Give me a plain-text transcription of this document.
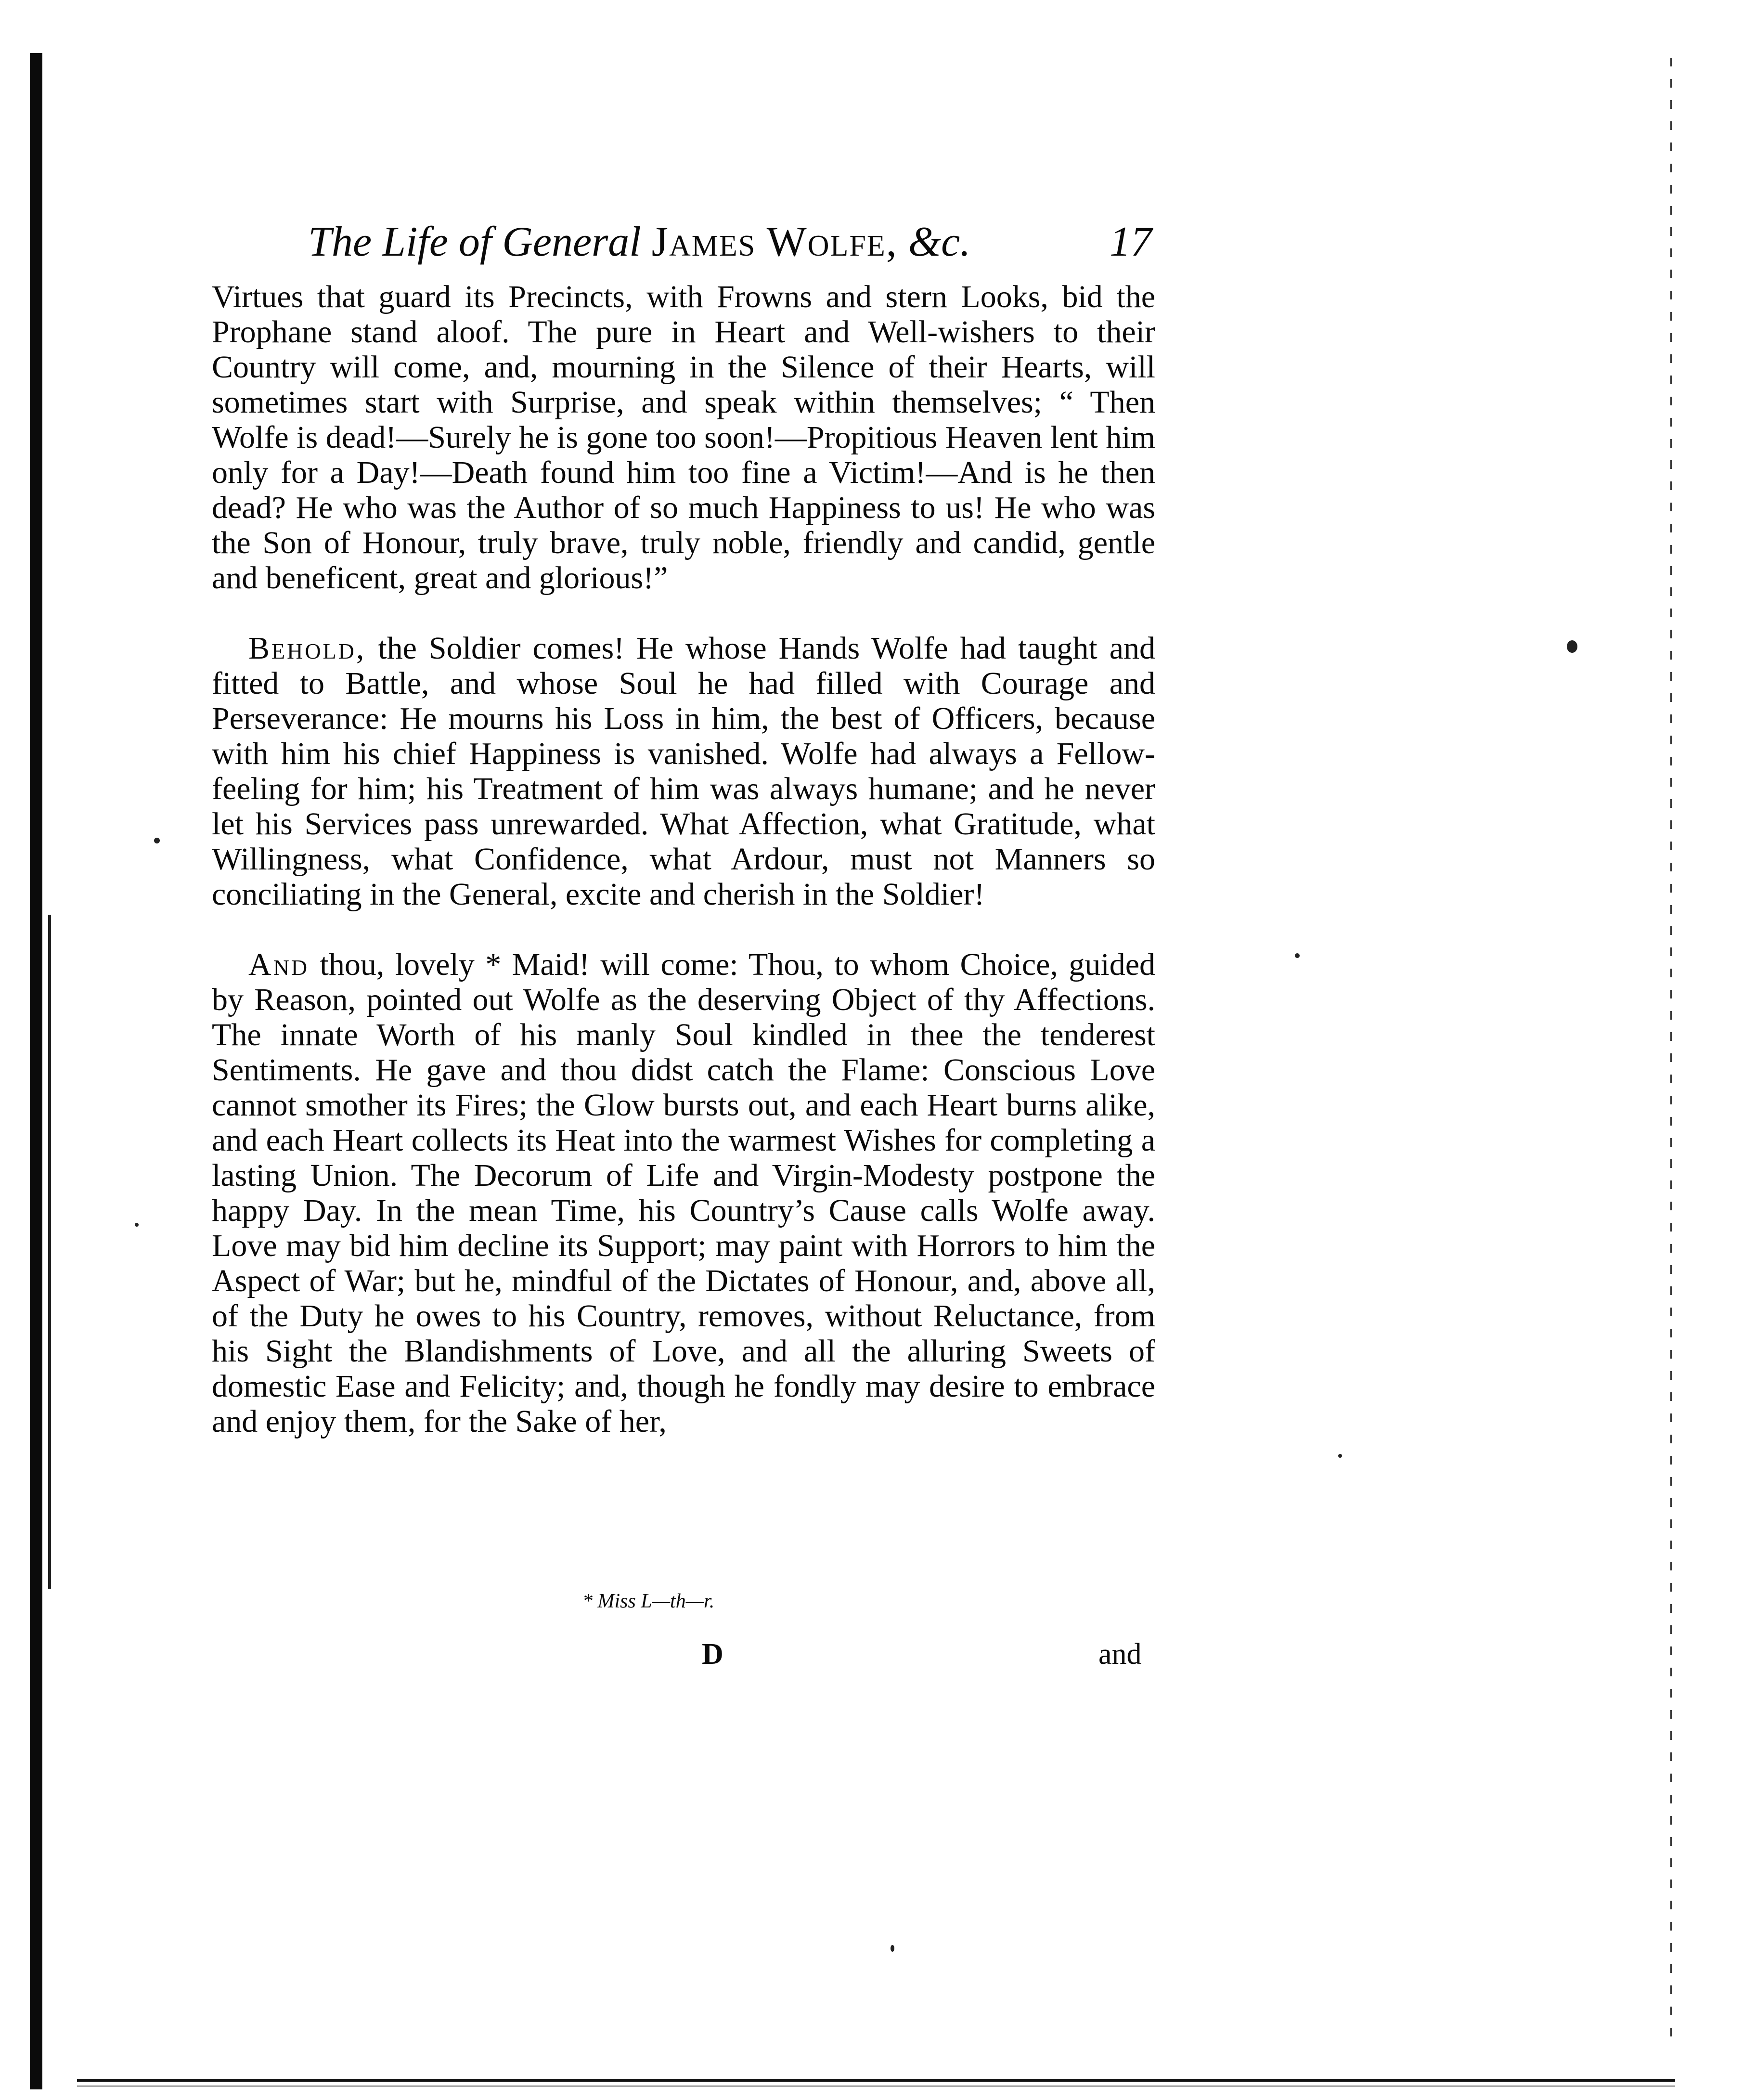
The Life of General James Wolfe, &c.	17

Virtues that guard its Precincts, with Frowns and stern Looks, bid the Prophane stand aloof. The pure in Heart and Well-wishers to their Country will come, and, mourning in the Silence of their Hearts, will sometimes start with Surprise, and speak within themselves; “ Then Wolfe is dead!—Surely he is gone too soon!—Propitious Heaven lent him only for a Day!—Death found him too fine a Victim!—And is he then dead? He who was the Author of so much Happiness to us! He who was the Son of Honour, truly brave, truly noble, friendly and candid, gentle and beneficent, great and glorious!”

Behold, the Soldier comes! He whose Hands Wolfe had taught and fitted to Battle, and whose Soul he had filled with Courage and Perseverance: He mourns his Loss in him, the best of Officers, because with him his chief Happiness is vanished. Wolfe had always a Fellow-feeling for him; his Treatment of him was always humane; and he never let his Services pass unrewarded. What Affection, what Gratitude, what Willingness, what Confidence, what Ardour, must not Manners so conciliating in the General, excite and cherish in the Soldier!

And thou, lovely * Maid! will come: Thou, to whom Choice, guided by Reason, pointed out Wolfe as the deserving Object of thy Affections. The innate Worth of his manly Soul kindled in thee the tenderest Sentiments. He gave and thou didst catch the Flame: Conscious Love cannot smother its Fires; the Glow bursts out, and each Heart burns alike, and each Heart collects its Heat into the warmest Wishes for completing a lasting Union. The Decorum of Life and Virgin-Modesty postpone the happy Day. In the mean Time, his Country’s Cause calls Wolfe away. Love may bid him decline its Support; may paint with Horrors to him the Aspect of War; but he, mindful of the Dictates of Honour, and, above all, of the Duty he owes to his Country, removes, without Reluctance, from his Sight the Blandishments of Love, and all the alluring Sweets of domestic Ease and Felicity; and, though he fondly may desire to embrace and enjoy them, for the Sake of her,

* Miss L—th—r.
D	and
